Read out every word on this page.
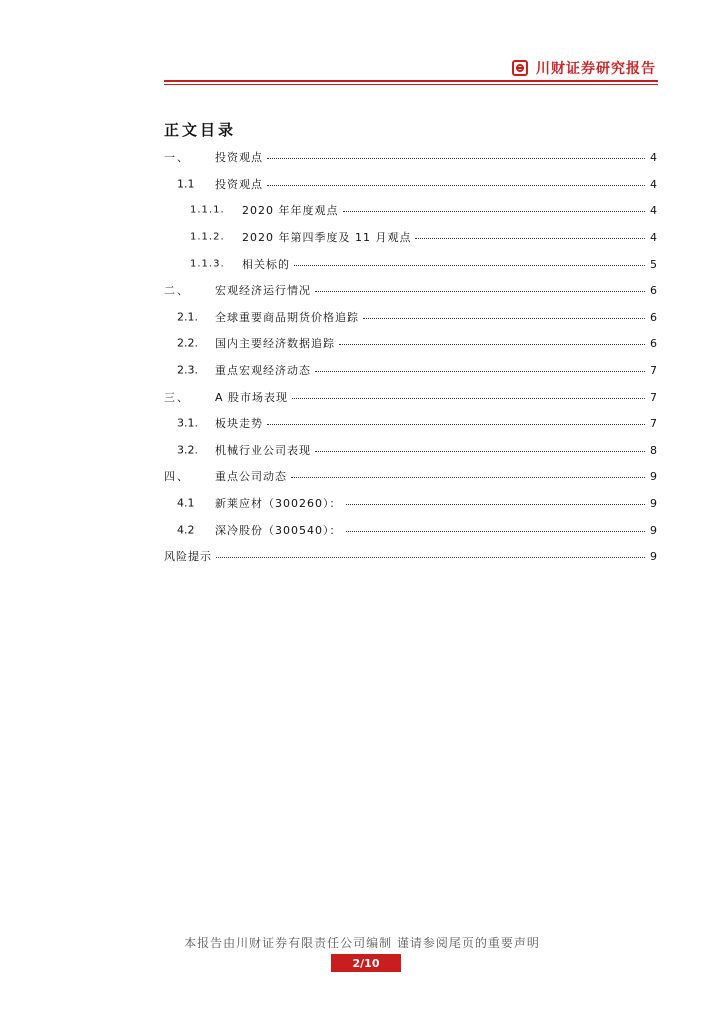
川财证券研究报告
正文目录
一、 投资观点	4
1.1 投资观点	4
1.1.1. 2020 年年度观点	4
1.1.2. 2020 年第四季度及 11 月观点	4
1.1.3. 相关标的	5
二、 宏观经济运行情况	6
2.1. 全球重要商品期货价格追踪	6
2.2. 国内主要经济数据追踪	6
2.3. 重点宏观经济动态	7
三、 A 股市场表现	7
3.1. 板块走势	7
3.2. 机械行业公司表现	8
四、 重点公司动态	9
4.1 新莱应材（300260）：	9
4.2 深冷股份（300540）：	9
风险提示	9
本报告由川财证券有限责任公司编制 谨请参阅尾页的重要声明
2/10
